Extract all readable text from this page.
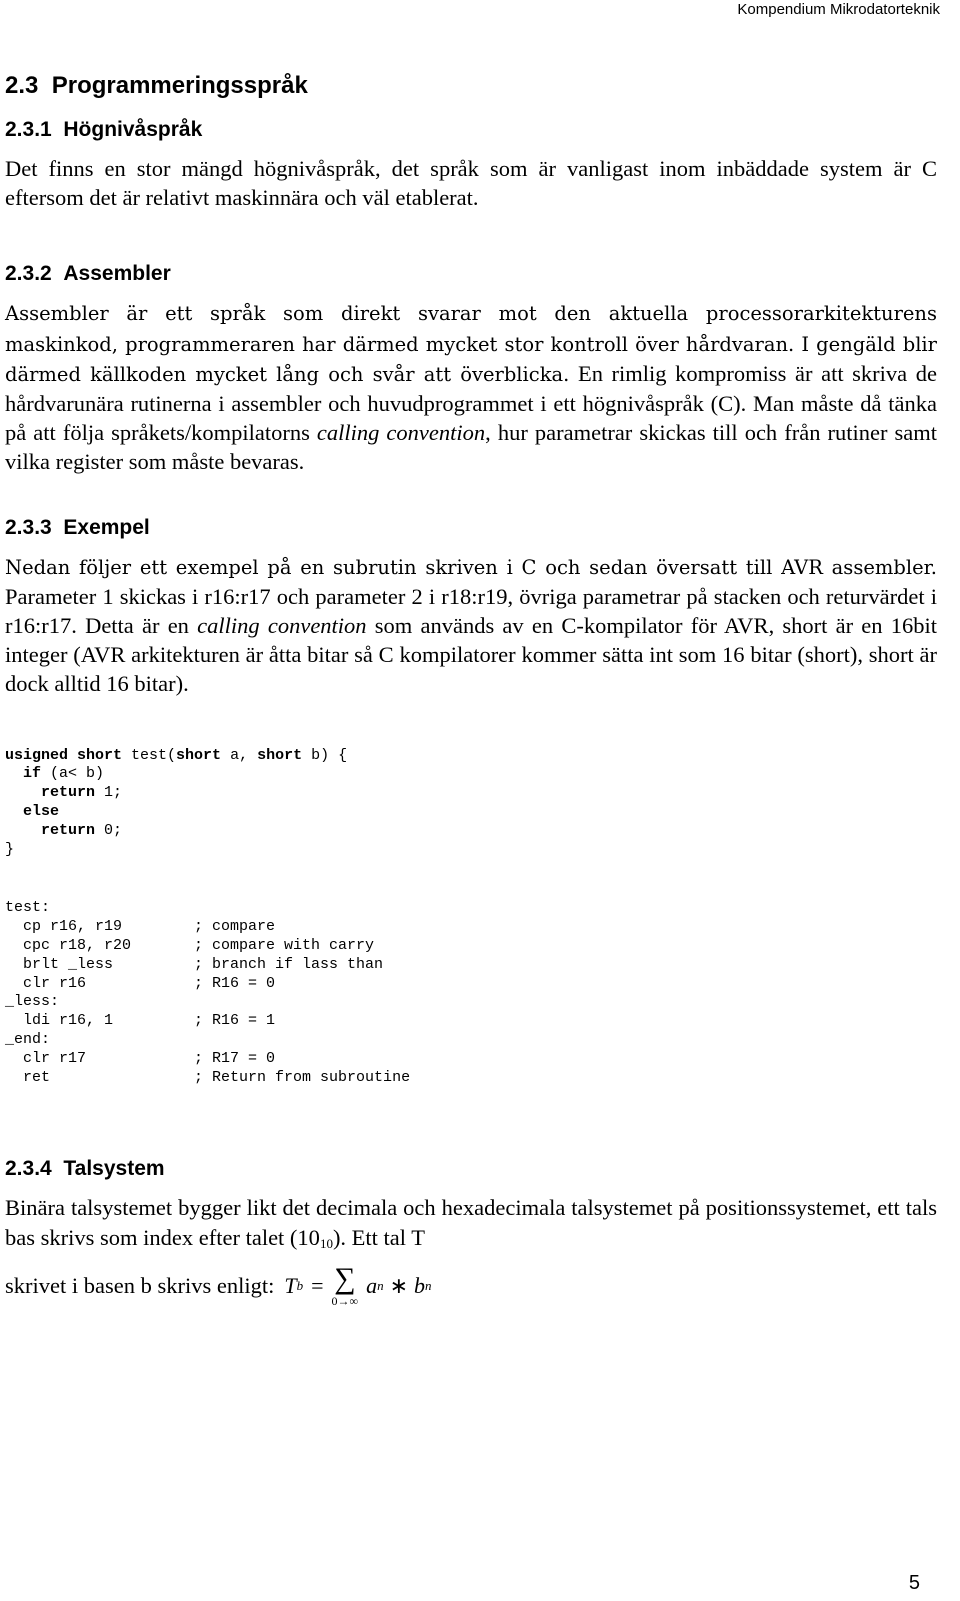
Kompendium Mikrodatorteknik
2.3 Programmeringsspråk
2.3.1 Högnivåspråk

Det finns en stor mängd högnivåspråk, det språk som är vanligast inom inbäddade system är C eftersom det är relativt maskinnära och väl etablerat.

2.3.2 Assembler

Assembler är ett språk som direkt svarar mot den aktuella processorarkitekturens maskinkod, programmeraren har därmed mycket stor kontroll över hårdvaran. I gengäld blir därmed källkoden mycket lång och svår att överblicka. En rimlig kompromiss är att skriva de hårdvarunära rutinerna i assembler och huvudprogrammet i ett högnivåspråk (C). Man måste då tänka på att följa språkets/kompilatorns calling convention, hur parametrar skickas till och från rutiner samt vilka register som måste bevaras.

2.3.3 Exempel

Nedan följer ett exempel på en subrutin skriven i C och sedan översatt till AVR assembler. Parameter 1 skickas i r16:r17 och parameter 2 i r18:r19, övriga parametrar på stacken och returvärdet i r16:r17. Detta är en calling convention som används av en C-kompilator för AVR, short är en 16bit integer (AVR arkitekturen är åtta bitar så C kompilatorer kommer sätta int som 16 bitar (short), short är dock alltid 16 bitar).

usigned short test(short a, short b) {
if (a< b)
return 1;
else
return 0;
}
test:
cp r16, r19        ; compare
cpc r18, r20       ; compare with carry
brlt _less         ; branch if lass than
clr r16            ; R16 = 0
_less:
ldi r16, 1         ; R16 = 1
_end:
clr r17            ; R17 = 0
ret                ; Return from subroutine
2.3.4 Talsystem

Binära talsystemet bygger likt det decimala och hexadecimala talsystemet på positionssystemet, ett tals bas skrivs som index efter talet (1010). Ett tal T

skrivet i basen b skrivs enligt: T b = ∑
0→∞
a n ∗ b n
5
